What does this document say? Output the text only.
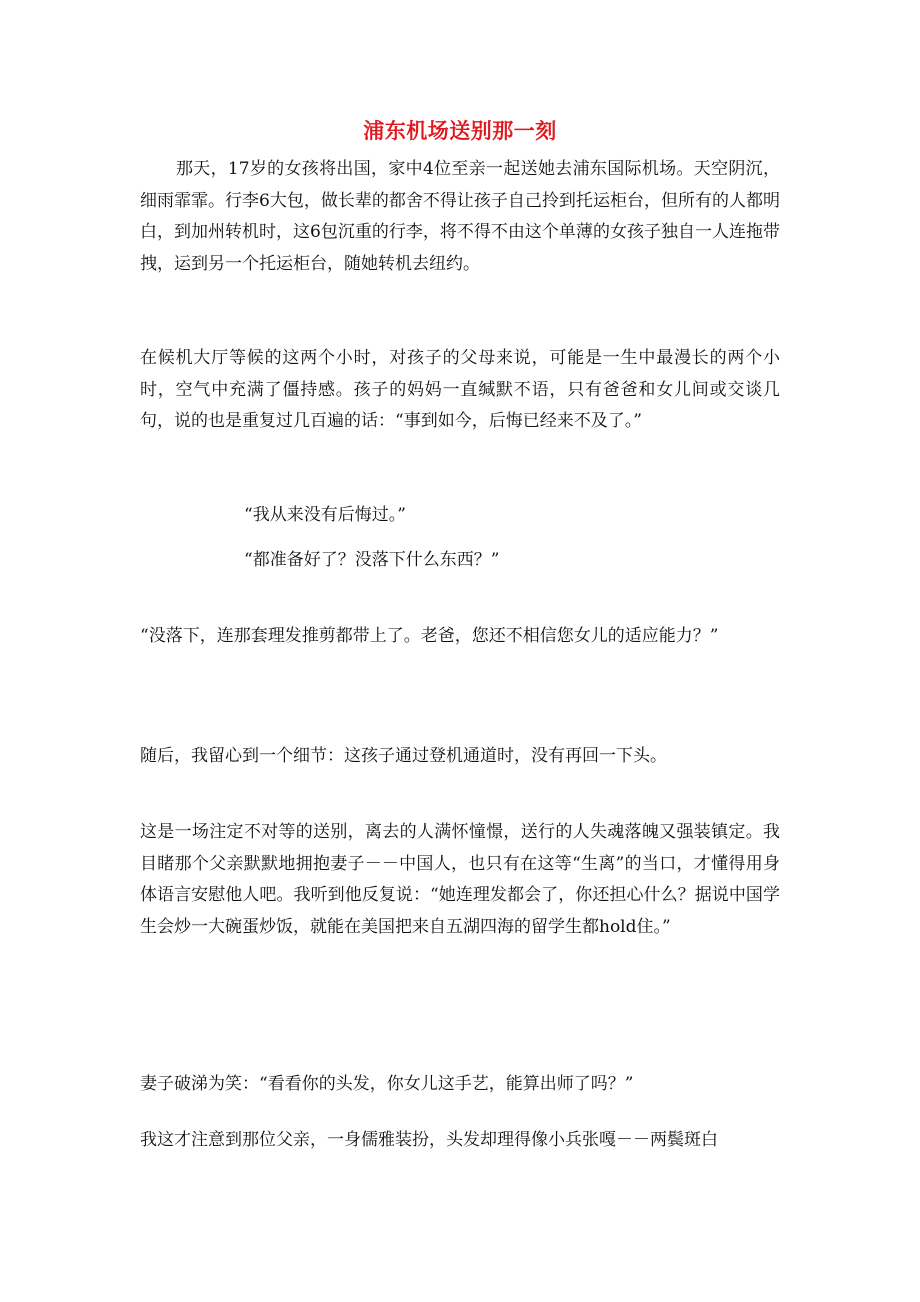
浦东机场送别那一刻

那天，17岁的女孩将出国，家中4位至亲一起送她去浦东国际机场。天空阴沉，细雨霏霏。行李6大包，做长辈的都舍不得让孩子自己拎到托运柜台，但所有的人都明白，到加州转机时，这6包沉重的行李，将不得不由这个单薄的女孩子独自一人连拖带拽，运到另一个托运柜台，随她转机去纽约。

在候机大厅等候的这两个小时，对孩子的父母来说，可能是一生中最漫长的两个小时，空气中充满了僵持感。孩子的妈妈一直缄默不语，只有爸爸和女儿间或交谈几句，说的也是重复过几百遍的话：“事到如今，后悔已经来不及了。”

“我从来没有后悔过。”

“都准备好了？没落下什么东西？”

“没落下，连那套理发推剪都带上了。老爸，您还不相信您女儿的适应能力？”

随后，我留心到一个细节：这孩子通过登机通道时，没有再回一下头。

这是一场注定不对等的送别，离去的人满怀憧憬，送行的人失魂落魄又强装镇定。我目睹那个父亲默默地拥抱妻子－－中国人，也只有在这等“生离”的当口，才懂得用身体语言安慰他人吧。我听到他反复说：“她连理发都会了，你还担心什么？据说中国学生会炒一大碗蛋炒饭，就能在美国把来自五湖四海的留学生都hold住。”

妻子破涕为笑：“看看你的头发，你女儿这手艺，能算出师了吗？”

我这才注意到那位父亲，一身儒雅装扮，头发却理得像小兵张嘎－－两鬓斑白
